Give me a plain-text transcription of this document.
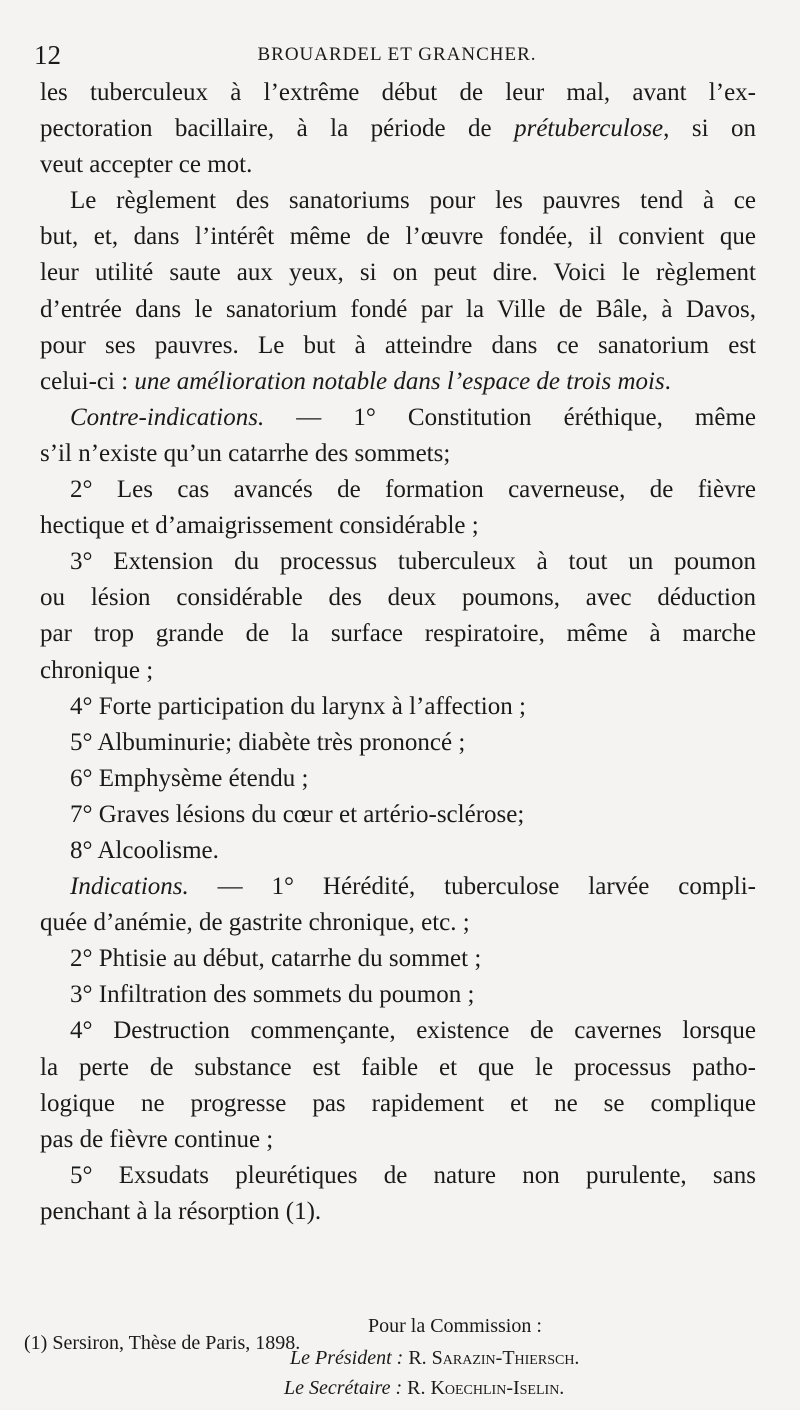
12	BROUARDEL ET GRANCHER.
les tuberculeux à l’extrême début de leur mal, avant l’ex-
pectoration bacillaire, à la période de prétuberculose, si on
veut accepter ce mot.
Le règlement des sanatoriums pour les pauvres tend à ce
but, et, dans l’intérêt même de l’œuvre fondée, il convient que
leur utilité saute aux yeux, si on peut dire. Voici le règlement
d’entrée dans le sanatorium fondé par la Ville de Bâle, à Davos,
pour ses pauvres. Le but à atteindre dans ce sanatorium est
celui-ci : une amélioration notable dans l’espace de trois mois.
Contre-indications. — 1° Constitution éréthique, même
s’il n’existe qu’un catarrhe des sommets;
2° Les cas avancés de formation caverneuse, de fièvre
hectique et d’amaigrissement considérable ;
3° Extension du processus tuberculeux à tout un poumon
ou lésion considérable des deux poumons, avec déduction
par trop grande de la surface respiratoire, même à marche
chronique ;
4° Forte participation du larynx à l’affection ;
5° Albuminurie; diabète très prononcé ;
6° Emphysème étendu ;
7° Graves lésions du cœur et artério-sclérose;
8° Alcoolisme.
Indications. — 1° Hérédité, tuberculose larvée compli-
quée d’anémie, de gastrite chronique, etc. ;
2° Phtisie au début, catarrhe du sommet ;
3° Infiltration des sommets du poumon ;
4° Destruction commençante, existence de cavernes lorsque
la perte de substance est faible et que le processus patho-
logique ne progresse pas rapidement et ne se complique
pas de fièvre continue ;
5° Exsudats pleurétiques de nature non purulente, sans
penchant à la résorption (1).
Pour la Commission :
Le Président : R. Sarazin-Thiersch.
Le Secrétaire : R. Koechlin-Iselin.
(1) Sersiron, Thèse de Paris, 1898.
